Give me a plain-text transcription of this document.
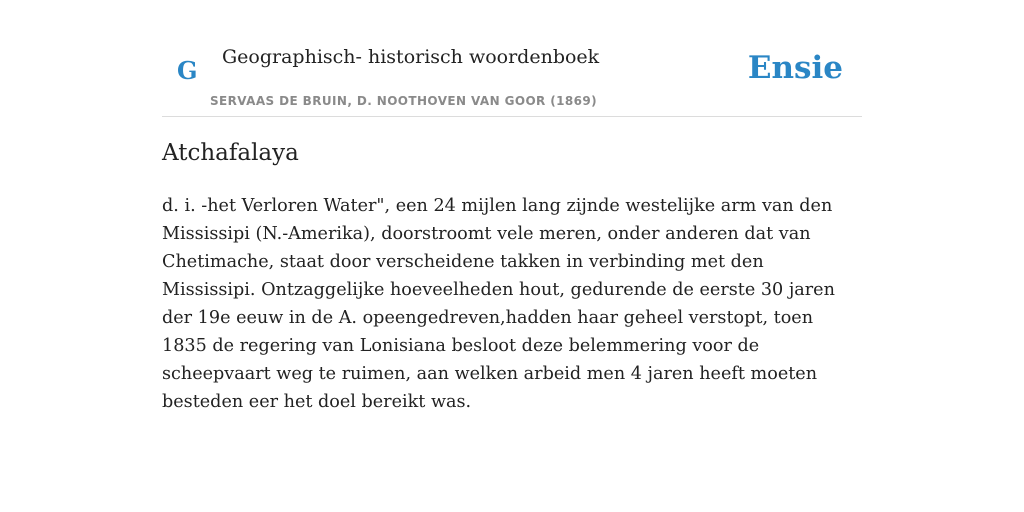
G Geographisch- historisch woordenboek
SERVAAS DE BRUIN, D. NOOTHOVEN VAN GOOR (1869)
Ensie
Atchafalaya

d. i. -het Verloren Water", een 24 mijlen lang zijnde westelijke arm van den Mississipi (N.-Amerika), doorstroomt vele meren, onder anderen dat van Chetimache, staat door verscheidene takken in verbinding met den Mississipi. Ontzaggelijke hoeveelheden hout, gedurende de eerste 30 jaren der 19e eeuw in de A. opeengedreven,hadden haar geheel verstopt, toen 1835 de regering van Lonisiana besloot deze belemmering voor de scheepvaart weg te ruimen, aan welken arbeid men 4 jaren heeft moeten besteden eer het doel bereikt was.
